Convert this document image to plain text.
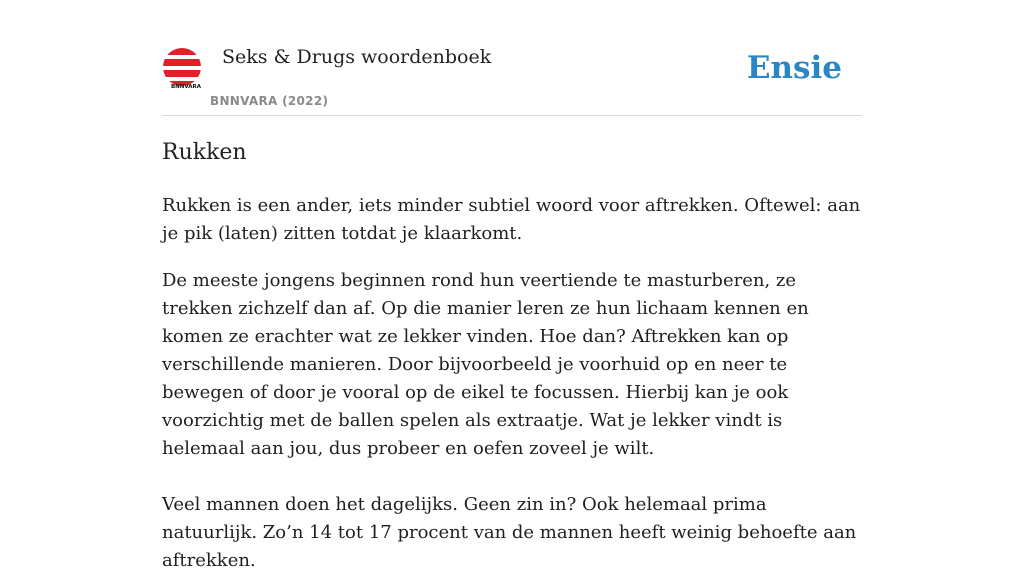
BNNVARA
Seks & Drugs woordenboek
BNNVARA (2022)
Ensie
Rukken

Rukken is een ander, iets minder subtiel woord voor aftrekken. Oftewel: aan je pik (laten) zitten totdat je klaarkomt.

De meeste jongens beginnen rond hun veertiende te masturberen, ze trekken zichzelf dan af. Op die manier leren ze hun lichaam kennen en komen ze erachter wat ze lekker vinden. Hoe dan? Aftrekken kan op verschillende manieren. Door bijvoorbeeld je voorhuid op en neer te bewegen of door je vooral op de eikel te focussen. Hierbij kan je ook voorzichtig met de ballen spelen als extraatje. Wat je lekker vindt is helemaal aan jou, dus probeer en oefen zoveel je wilt.

Veel mannen doen het dagelijks. Geen zin in? Ook helemaal prima natuurlijk. Zo’n 14 tot 17 procent van de mannen heeft weinig behoefte aan aftrekken.
